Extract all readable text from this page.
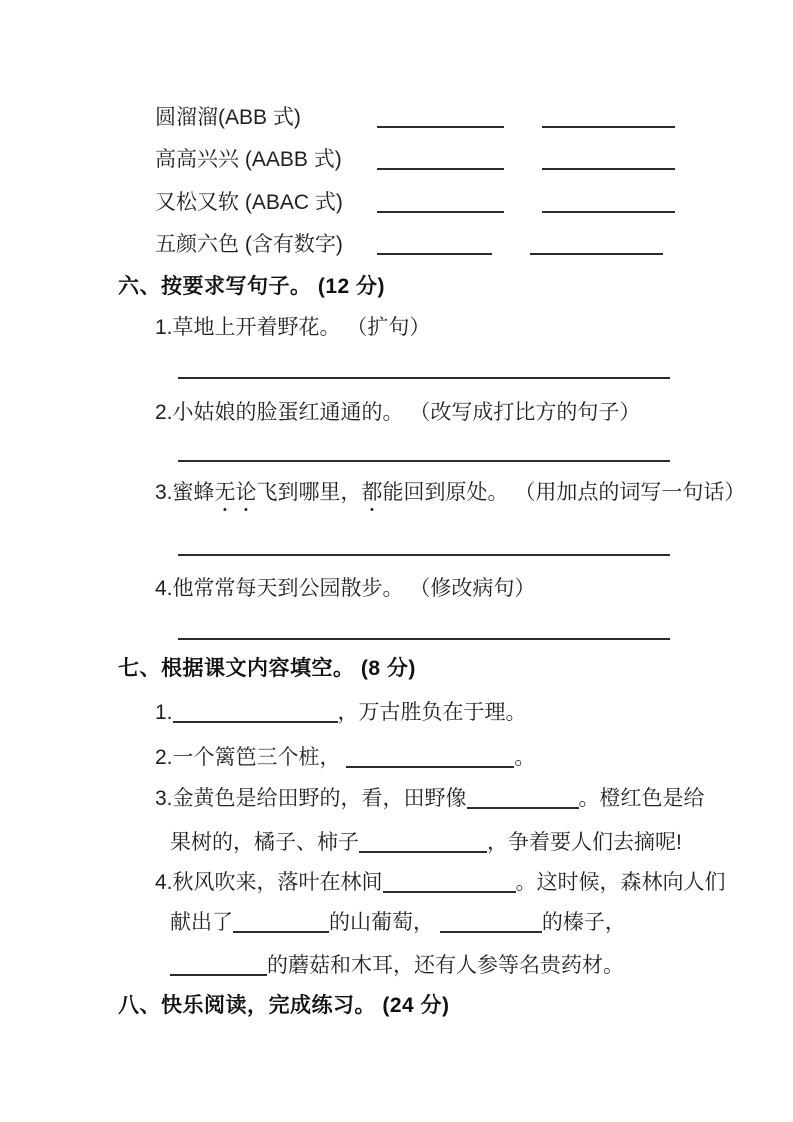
圆溜溜(ABB 式)
高高兴兴 (AABB 式)
又松又软 (ABAC 式)
五颜六色 (含有数字)
六、按要求写句子。 (12 分)
1.草地上开着野花。 （扩句）
2.小姑娘的脸蛋红通通的。 （改写成打比方的句子）
3.蜜蜂无论飞到哪里，都能回到原处。 （用加点的词写一句话）
4.他常常每天到公园散步。 （修改病句）
七、根据课文内容填空。 (8 分)
1.	，万古胜负在于理。
2.一个篱笆三个桩，	。
3.金黄色是给田野的，看，田野像	。橙红色是给
果树的，橘子、柿子	，争着要人们去摘呢!
4.秋风吹来，落叶在林间	。这时候，森林向人们
献出了	的山葡萄，	的榛子，
的蘑菇和木耳，还有人参等名贵药材。
八、快乐阅读，完成练习。 (24 分)
